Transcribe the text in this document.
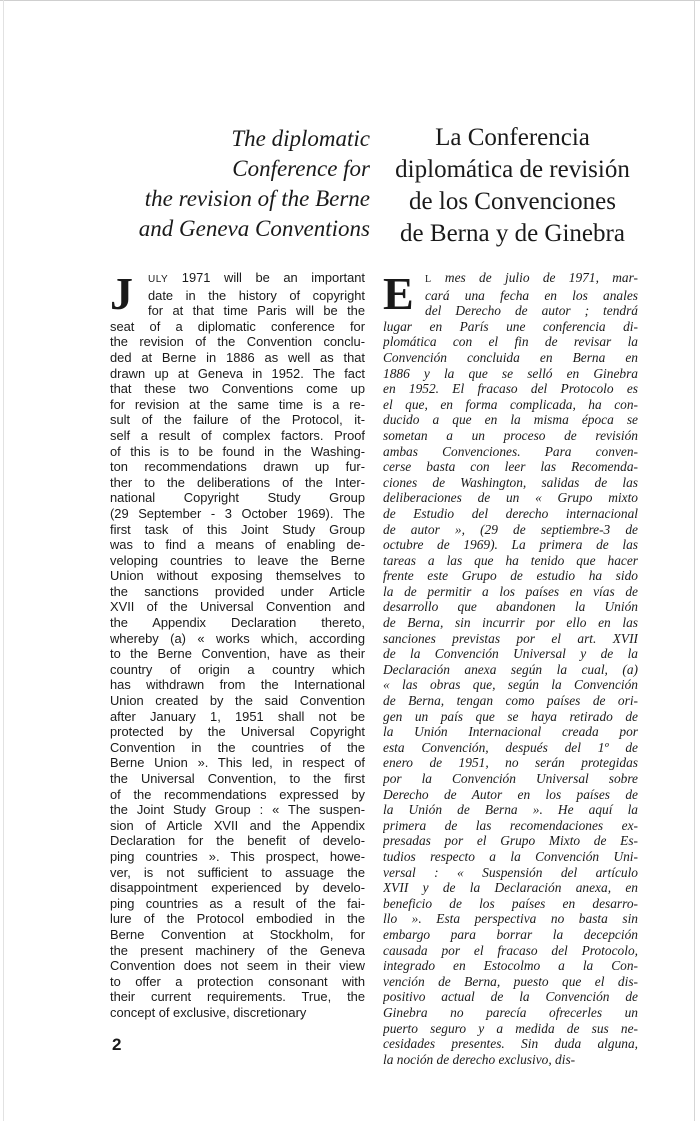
The diplomatic
Conference for
the revision of the Berne
and Geneva Conventions
La Conferencia
diplomática de revisión
de los Convenciones
de Berna y de Ginebra
J	ULY 1971 will be an important
date in the history of copyright
for at that time Paris will be the
seat of a diplomatic conference for
the revision of the Convention conclu-
ded at Berne in 1886 as well as that
drawn up at Geneva in 1952. The fact
that these two Conventions come up
for revision at the same time is a re-
sult of the failure of the Protocol, it-
self a result of complex factors. Proof
of this is to be found in the Washing-
ton recommendations drawn up fur-
ther to the deliberations of the Inter-
national Copyright Study Group
(29 September - 3 October 1969). The
first task of this Joint Study Group
was to find a means of enabling de-
veloping countries to leave the Berne
Union without exposing themselves to
the sanctions provided under Article
XVII of the Universal Convention and
the Appendix Declaration thereto,
whereby (a) « works which, according
to the Berne Convention, have as their
country of origin a country which
has withdrawn from the International
Union created by the said Convention
after January 1, 1951 shall not be
protected by the Universal Copyright
Convention in the countries of the
Berne Union ». This led, in respect of
the Universal Convention, to the first
of the recommendations expressed by
the Joint Study Group : « The suspen-
sion of Article XVII and the Appendix
Declaration for the benefit of develo-
ping countries ». This prospect, howe-
ver, is not sufficient to assuage the
disappointment experienced by develo-
ping countries as a result of the fai-
lure of the Protocol embodied in the
Berne Convention at Stockholm, for
the present machinery of the Geneva
Convention does not seem in their view
to offer a protection consonant with
their current requirements. True, the
concept of exclusive, discretionary
E	L mes de julio de 1971, mar-
cará una fecha en los anales
del Derecho de autor ; tendrá
lugar en París une conferencia di-
plomática con el fin de revisar la
Convención concluida en Berna en
1886 y la que se selló en Ginebra
en 1952. El fracaso del Protocolo es
el que, en forma complicada, ha con-
ducido a que en la misma época se
sometan a un proceso de revisión
ambas Convenciones. Para conven-
cerse basta con leer las Recomenda-
ciones de Washington, salidas de las
deliberaciones de un « Grupo mixto
de Estudio del derecho internacional
de autor », (29 de septiembre-3 de
octubre de 1969). La primera de las
tareas a las que ha tenido que hacer
frente este Grupo de estudio ha sido
la de permitir a los países en vías de
desarrollo que abandonen la Unión
de Berna, sin incurrir por ello en las
sanciones previstas por el art. XVII
de la Convención Universal y de la
Declaración anexa según la cual, (a)
« las obras que, según la Convención
de Berna, tengan como países de ori-
gen un país que se haya retirado de
la Unión Internacional creada por
esta Convención, después del 1º de
enero de 1951, no serán protegidas
por la Convención Universal sobre
Derecho de Autor en los países de
la Unión de Berna ». He aquí la
primera de las recomendaciones ex-
presadas por el Grupo Mixto de Es-
tudios respecto a la Convención Uni-
versal : « Suspensión del artículo
XVII y de la Declaración anexa, en
beneficio de los países en desarro-
llo ». Esta perspectiva no basta sin
embargo para borrar la decepción
causada por el fracaso del Protocolo,
integrado en Estocolmo a la Con-
vención de Berna, puesto que el dis-
positivo actual de la Convención de
Ginebra no parecía ofrecerles un
puerto seguro y a medida de sus ne-
cesidades presentes. Sin duda alguna,
la noción de derecho exclusivo, dis-
2
